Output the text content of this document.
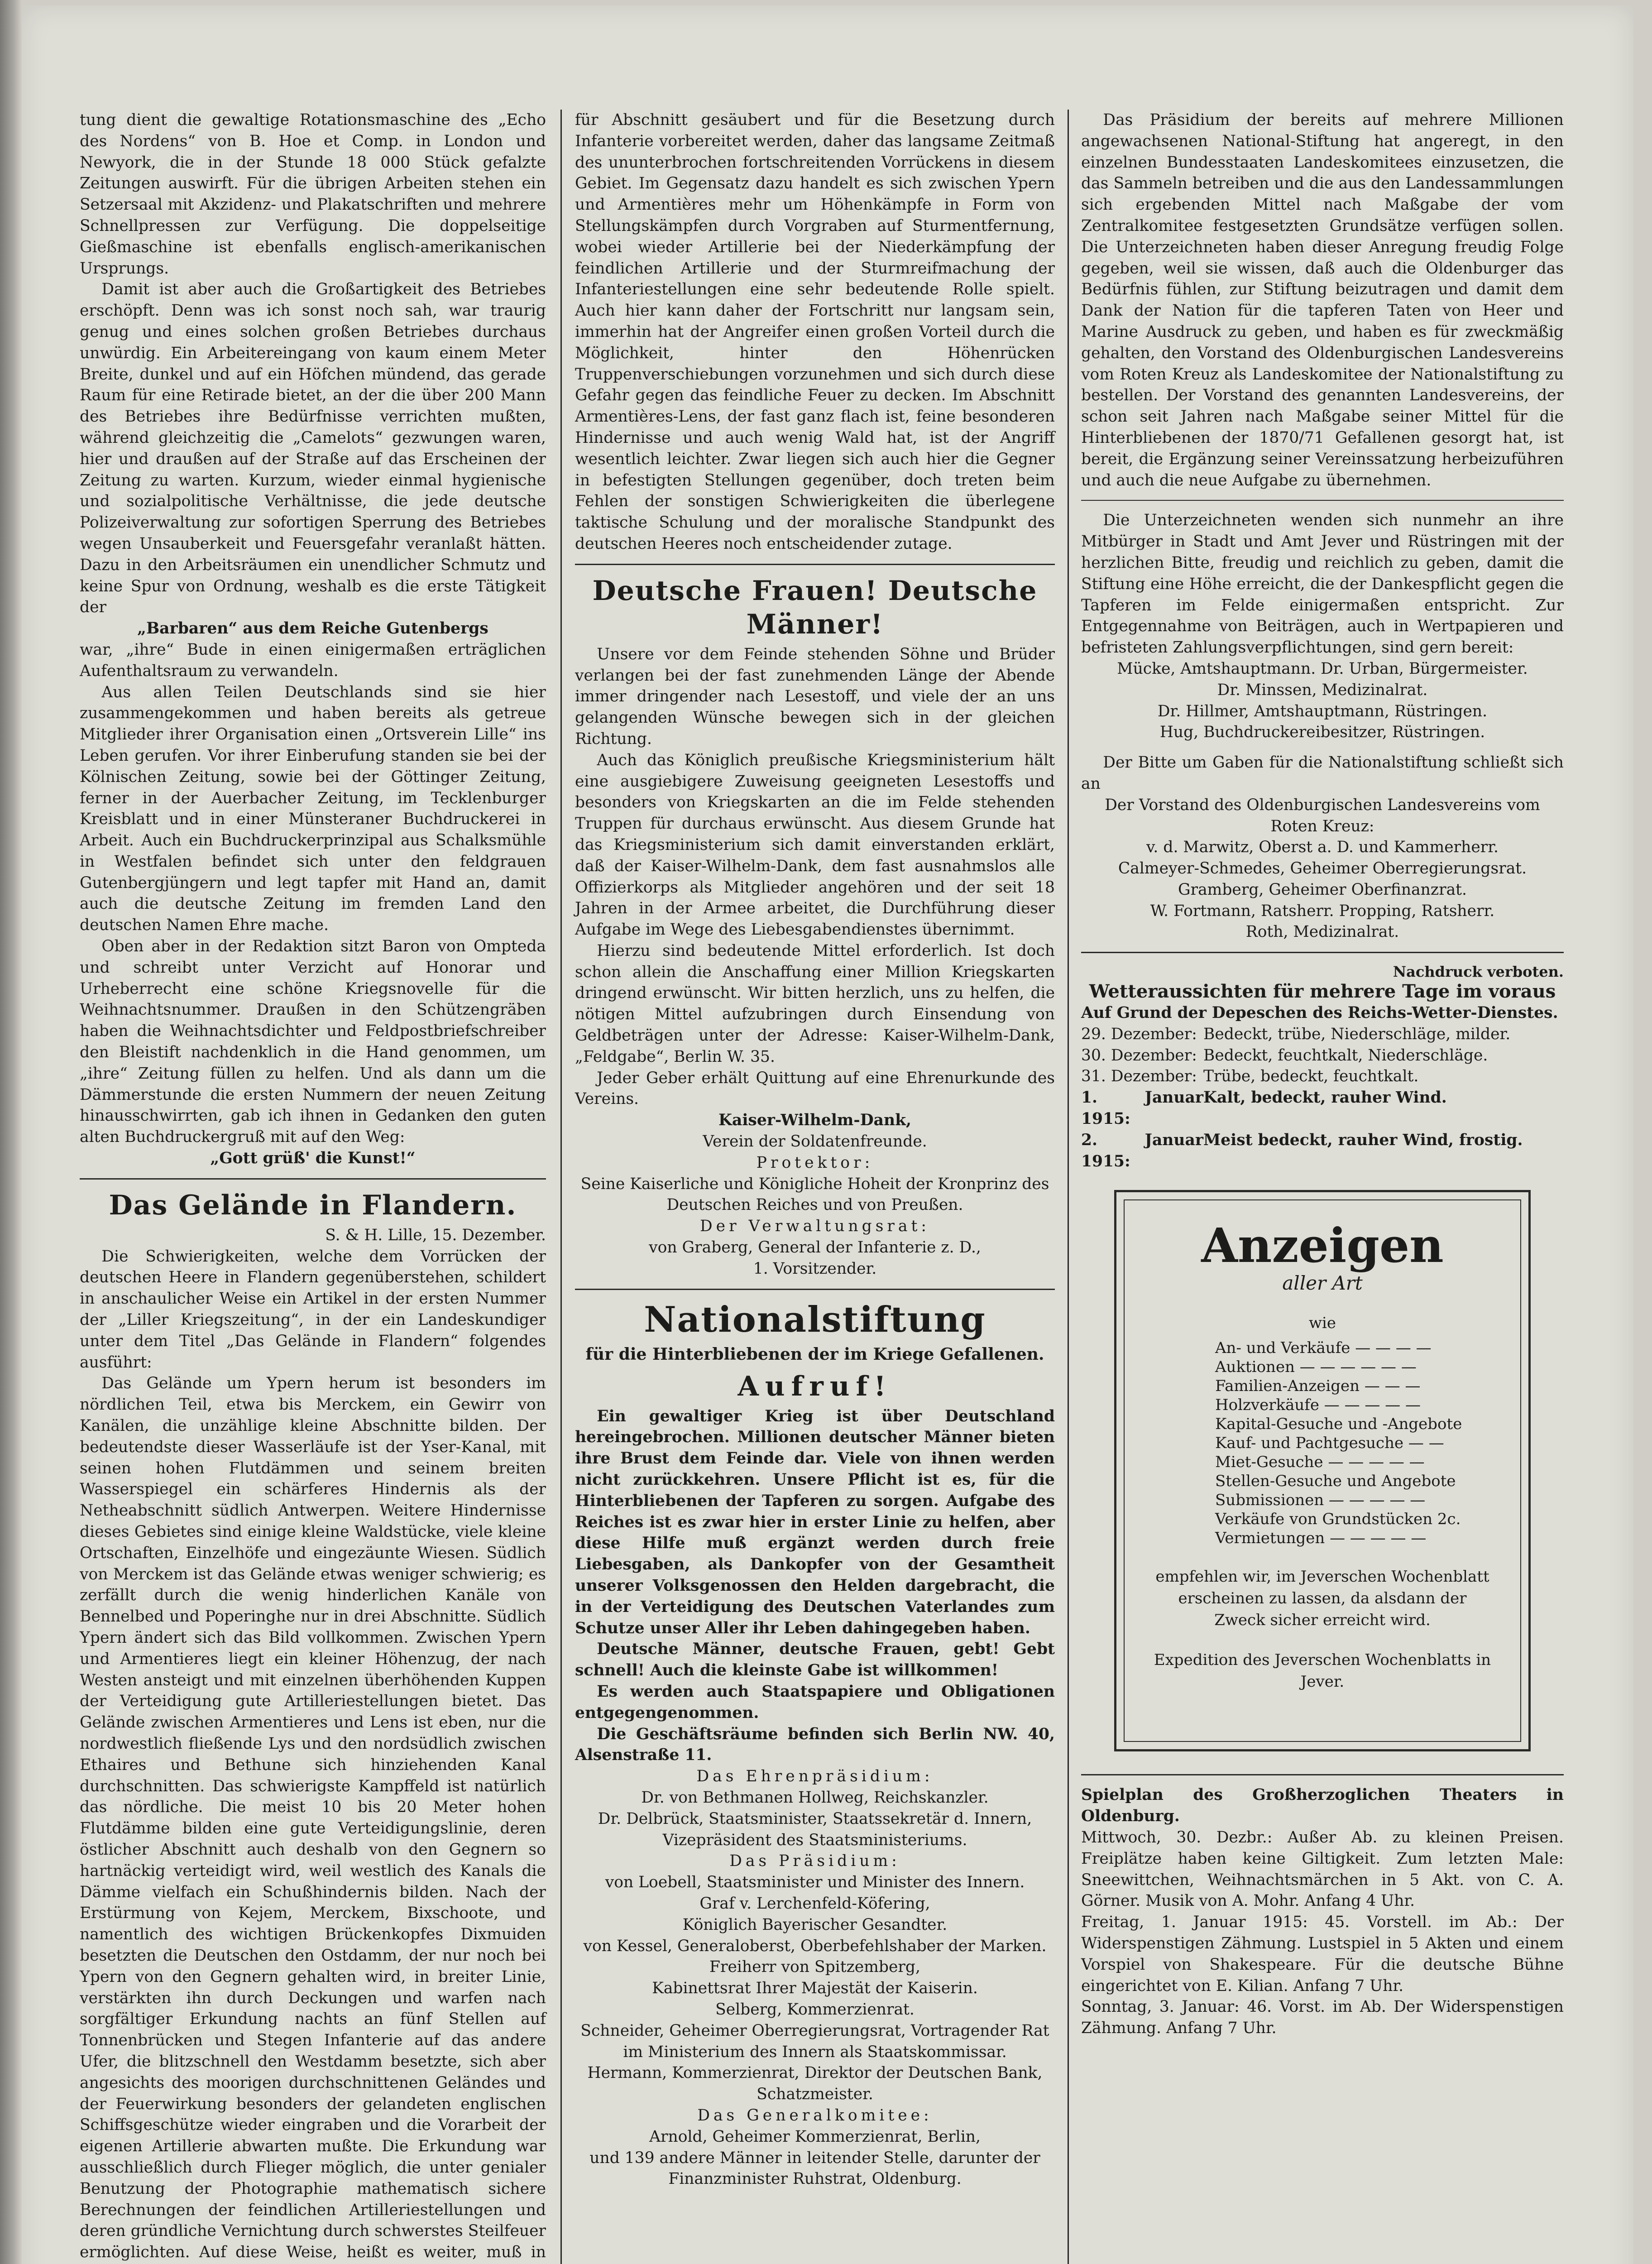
tung dient die gewaltige Rotationsmaschine des „Echo des Nordens“ von B. Hoe et Comp. in London und Newyork, die in der Stunde 18 000 Stück gefalzte Zeitungen auswirft. Für die übrigen Arbeiten stehen ein Setzersaal mit Akzidenz- und Plakatschriften und mehrere Schnellpressen zur Verfügung. Die doppelseitige Gießmaschine ist ebenfalls englisch-amerikanischen Ursprungs.

Damit ist aber auch die Großartigkeit des Betriebes erschöpft. Denn was ich sonst noch sah, war traurig genug und eines solchen großen Betriebes durchaus unwürdig. Ein Arbeitereingang von kaum einem Meter Breite, dunkel und auf ein Höfchen mündend, das gerade Raum für eine Retirade bietet, an der die über 200 Mann des Betriebes ihre Bedürfnisse verrichten mußten, während gleichzeitig die „Camelots“ gezwungen waren, hier und draußen auf der Straße auf das Erscheinen der Zeitung zu warten. Kurzum, wieder einmal hygienische und sozialpolitische Verhältnisse, die jede deutsche Polizeiverwaltung zur sofortigen Sperrung des Betriebes wegen Unsauberkeit und Feuersgefahr veranlaßt hätten. Dazu in den Arbeitsräumen ein unendlicher Schmutz und keine Spur von Ordnung, weshalb es die erste Tätigkeit der

„Barbaren“ aus dem Reiche Gutenbergs

war, „ihre“ Bude in einen einigermaßen erträglichen Aufenthaltsraum zu verwandeln.

Aus allen Teilen Deutschlands sind sie hier zusammengekommen und haben bereits als getreue Mitglieder ihrer Organisation einen „Ortsverein Lille“ ins Leben gerufen. Vor ihrer Einberufung standen sie bei der Kölnischen Zeitung, sowie bei der Göttinger Zeitung, ferner in der Auerbacher Zeitung, im Tecklenburger Kreisblatt und in einer Münsteraner Buchdruckerei in Arbeit. Auch ein Buchdruckerprinzipal aus Schalksmühle in Westfalen befindet sich unter den feldgrauen Gutenbergjüngern und legt tapfer mit Hand an, damit auch die deutsche Zeitung im fremden Land den deutschen Namen Ehre mache.

Oben aber in der Redaktion sitzt Baron von Ompteda und schreibt unter Verzicht auf Honorar und Urheberrecht eine schöne Kriegsnovelle für die Weihnachtsnummer. Draußen in den Schützengräben haben die Weihnachtsdichter und Feldpostbriefschreiber den Bleistift nachdenklich in die Hand genommen, um „ihre“ Zeitung füllen zu helfen. Und als dann um die Dämmerstunde die ersten Nummern der neuen Zeitung hinausschwirrten, gab ich ihnen in Gedanken den guten alten Buchdruckergruß mit auf den Weg:

„Gott grüß' die Kunst!“

Das Gelände in Flandern.

S. & H. Lille, 15. Dezember.

Die Schwierigkeiten, welche dem Vorrücken der deutschen Heere in Flandern gegenüberstehen, schildert in anschaulicher Weise ein Artikel in der ersten Nummer der „Liller Kriegszeitung“, in der ein Landeskundiger unter dem Titel „Das Gelände in Flandern“ folgendes ausführt:

Das Gelände um Ypern herum ist besonders im nördlichen Teil, etwa bis Merckem, ein Gewirr von Kanälen, die unzählige kleine Abschnitte bilden. Der bedeutendste dieser Wasserläufe ist der Yser-Kanal, mit seinen hohen Flutdämmen und seinem breiten Wasserspiegel ein schärferes Hindernis als der Netheabschnitt südlich Antwerpen. Weitere Hindernisse dieses Gebietes sind einige kleine Waldstücke, viele kleine Ortschaften, Einzelhöfe und eingezäunte Wiesen. Südlich von Merckem ist das Gelände etwas weniger schwierig; es zerfällt durch die wenig hinderlichen Kanäle von Bennelbed und Poperinghe nur in drei Abschnitte. Südlich Ypern ändert sich das Bild vollkommen. Zwischen Ypern und Armentieres liegt ein kleiner Höhenzug, der nach Westen ansteigt und mit einzelnen überhöhenden Kuppen der Verteidigung gute Artilleriestellungen bietet. Das Gelände zwischen Armentieres und Lens ist eben, nur die nordwestlich fließende Lys und den nordsüdlich zwischen Ethaires und Bethune sich hinziehenden Kanal durchschnitten. Das schwierigste Kampffeld ist natürlich das nördliche. Die meist 10 bis 20 Meter hohen Flutdämme bilden eine gute Verteidigungslinie, deren östlicher Abschnitt auch deshalb von den Gegnern so hartnäckig verteidigt wird, weil westlich des Kanals die Dämme vielfach ein Schußhindernis bilden. Nach der Erstürmung von Kejem, Merckem, Bixschoote, und namentlich des wichtigen Brückenkopfes Dixmuiden besetzten die Deutschen den Ostdamm, der nur noch bei Ypern von den Gegnern gehalten wird, in breiter Linie, verstärkten ihn durch Deckungen und warfen nach sorgfältiger Erkundung nachts an fünf Stellen auf Tonnenbrücken und Stegen Infanterie auf das andere Ufer, die blitzschnell den Westdamm besetzte, sich aber angesichts des moorigen durchschnittenen Geländes und der Feuerwirkung besonders der gelandeten englischen Schiffsgeschütze wieder eingraben und die Vorarbeit der eigenen Artillerie abwarten mußte. Die Erkundung war ausschließlich durch Flieger möglich, die unter genialer Benutzung der Photographie mathematisch sichere Berechnungen der feindlichen Artilleriestellungen und deren gründliche Vernichtung durch schwerstes Steilfeuer ermöglichten. Auf diese Weise, heißt es weiter, muß in

für Abschnitt gesäubert und für die Besetzung durch Infanterie vorbereitet werden, daher das langsame Zeitmaß des ununterbrochen fortschreitenden Vorrückens in diesem Gebiet. Im Gegensatz dazu handelt es sich zwischen Ypern und Armentières mehr um Höhenkämpfe in Form von Stellungskämpfen durch Vorgraben auf Sturmentfernung, wobei wieder Artillerie bei der Niederkämpfung der feindlichen Artillerie und der Sturmreifmachung der Infanteriestellungen eine sehr bedeutende Rolle spielt. Auch hier kann daher der Fortschritt nur langsam sein, immerhin hat der Angreifer einen großen Vorteil durch die Möglichkeit, hinter den Höhenrücken Truppenverschiebungen vorzunehmen und sich durch diese Gefahr gegen das feindliche Feuer zu decken. Im Abschnitt Armentières-Lens, der fast ganz flach ist, feine besonderen Hindernisse und auch wenig Wald hat, ist der Angriff wesentlich leichter. Zwar liegen sich auch hier die Gegner in befestigten Stellungen gegenüber, doch treten beim Fehlen der sonstigen Schwierigkeiten die überlegene taktische Schulung und der moralische Standpunkt des deutschen Heeres noch entscheidender zutage.

Deutsche Frauen! Deutsche Männer!

Unsere vor dem Feinde stehenden Söhne und Brüder verlangen bei der fast zunehmenden Länge der Abende immer dringender nach Lesestoff, und viele der an uns gelangenden Wünsche bewegen sich in der gleichen Richtung.

Auch das Königlich preußische Kriegsministerium hält eine ausgiebigere Zuweisung geeigneten Lesestoffs und besonders von Kriegskarten an die im Felde stehenden Truppen für durchaus erwünscht. Aus diesem Grunde hat das Kriegsministerium sich damit einverstanden erklärt, daß der Kaiser-Wilhelm-Dank, dem fast ausnahmslos alle Offizierkorps als Mitglieder angehören und der seit 18 Jahren in der Armee arbeitet, die Durchführung dieser Aufgabe im Wege des Liebesgabendienstes übernimmt.

Hierzu sind bedeutende Mittel erforderlich. Ist doch schon allein die Anschaffung einer Million Kriegskarten dringend erwünscht. Wir bitten herzlich, uns zu helfen, die nötigen Mittel aufzubringen durch Einsendung von Geldbeträgen unter der Adresse: Kaiser-Wilhelm-Dank, „Feldgabe“, Berlin W. 35.

Jeder Geber erhält Quittung auf eine Ehrenurkunde des Vereins.

Kaiser-Wilhelm-Dank,

Verein der Soldatenfreunde.

Protektor:

Seine Kaiserliche und Königliche Hoheit der Kronprinz des Deutschen Reiches und von Preußen.

Der Verwaltungsrat:

von Graberg, General der Infanterie z. D.,

1. Vorsitzender.

Nationalstiftung
für die Hinterbliebenen der im Kriege Gefallenen.
Aufruf!

Ein gewaltiger Krieg ist über Deutschland hereingebrochen. Millionen deutscher Männer bieten ihre Brust dem Feinde dar. Viele von ihnen werden nicht zurückkehren. Unsere Pflicht ist es, für die Hinterbliebenen der Tapferen zu sorgen. Aufgabe des Reiches ist es zwar hier in erster Linie zu helfen, aber diese Hilfe muß ergänzt werden durch freie Liebesgaben, als Dankopfer von der Gesamtheit unserer Volksgenossen den Helden dargebracht, die in der Verteidigung des Deutschen Vaterlandes zum Schutze unser Aller ihr Leben dahingegeben haben.

Deutsche Männer, deutsche Frauen, gebt! Gebt schnell! Auch die kleinste Gabe ist willkommen!

Es werden auch Staatspapiere und Obligationen entgegengenommen.

Die Geschäftsräume befinden sich Berlin NW. 40, Alsenstraße 11.

Das Ehrenpräsidium:

Dr. von Bethmanen Hollweg, Reichskanzler.

Dr. Delbrück, Staatsminister, Staatssekretär d. Innern, Vizepräsident des Staatsministeriums.

Das Präsidium:

von Loebell, Staatsminister und Minister des Innern.

Graf v. Lerchenfeld-Köfering,

Königlich Bayerischer Gesandter.

von Kessel, Generaloberst, Oberbefehlshaber der Marken.

Freiherr von Spitzemberg,

Kabinettsrat Ihrer Majestät der Kaiserin.

Selberg, Kommerzienrat.

Schneider, Geheimer Oberregierungsrat, Vortragender Rat im Ministerium des Innern als Staatskommissar.

Hermann, Kommerzienrat, Direktor der Deutschen Bank, Schatzmeister.

Das Generalkomitee:

Arnold, Geheimer Kommerzienrat, Berlin,

und 139 andere Männer in leitender Stelle, darunter der Finanzminister Ruhstrat, Oldenburg.

Das Präsidium der bereits auf mehrere Millionen angewachsenen National-Stiftung hat angeregt, in den einzelnen Bundesstaaten Landeskomitees einzusetzen, die das Sammeln betreiben und die aus den Landessammlungen sich ergebenden Mittel nach Maßgabe der vom Zentralkomitee festgesetzten Grundsätze verfügen sollen. Die Unterzeichneten haben dieser Anregung freudig Folge gegeben, weil sie wissen, daß auch die Oldenburger das Bedürfnis fühlen, zur Stiftung beizutragen und damit dem Dank der Nation für die tapferen Taten von Heer und Marine Ausdruck zu geben, und haben es für zweckmäßig gehalten, den Vorstand des Oldenburgischen Landesvereins vom Roten Kreuz als Landeskomitee der Nationalstiftung zu bestellen. Der Vorstand des genannten Landesvereins, der schon seit Jahren nach Maßgabe seiner Mittel für die Hinterbliebenen der 1870/71 Gefallenen gesorgt hat, ist bereit, die Ergänzung seiner Vereinssatzung herbeizuführen und auch die neue Aufgabe zu übernehmen.

Die Unterzeichneten wenden sich nunmehr an ihre Mitbürger in Stadt und Amt Jever und Rüstringen mit der herzlichen Bitte, freudig und reichlich zu geben, damit die Stiftung eine Höhe erreicht, die der Dankespflicht gegen die Tapferen im Felde einigermaßen entspricht. Zur Entgegennahme von Beiträgen, auch in Wertpapieren und befristeten Zahlungsverpflichtungen, sind gern bereit:

Mücke, Amtshauptmann. Dr. Urban, Bürgermeister.

Dr. Minssen, Medizinalrat.

Dr. Hillmer, Amtshauptmann, Rüstringen.

Hug, Buchdruckereibesitzer, Rüstringen.

Der Bitte um Gaben für die Nationalstiftung schließt sich an

Der Vorstand des Oldenburgischen Landesvereins vom Roten Kreuz:

v. d. Marwitz, Oberst a. D. und Kammerherr.

Calmeyer-Schmedes, Geheimer Oberregierungsrat.

Gramberg, Geheimer Oberfinanzrat.

W. Fortmann, Ratsherr. Propping, Ratsherr.

Roth, Medizinalrat.

Nachdruck verboten.

Wetteraussichten für mehrere Tage im voraus

Auf Grund der Depeschen des Reichs-Wetter-Dienstes.

29. Dezember: Bedeckt, trübe, Niederschläge, milder.
30. Dezember: Bedeckt, feuchtkalt, Niederschläge.
31. Dezember: Trübe, bedeckt, feuchtkalt.
1. Januar 1915:
Kalt, bedeckt, rauher Wind.
2. Januar 1915:
Meist bedeckt, rauher Wind, frostig.
Anzeigen
aller Art
wie
An- und Verkäufe — — — —
Auktionen — — — — — —
Familien-Anzeigen — — —
Holzverkäufe — — — — —
Kapital-Gesuche und -Angebote
Kauf- und Pachtgesuche — —
Miet-Gesuche — — — — —
Stellen-Gesuche und Angebote
Submissionen — — — — —
Verkäufe von Grundstücken 2c.
Vermietungen — — — — —
empfehlen wir, im Jeverschen Wochenblatt erscheinen zu lassen, da alsdann der Zweck sicher erreicht wird.
Expedition des Jeverschen Wochenblatts in Jever.

Spielplan des Großherzoglichen Theaters in Oldenburg.

Mittwoch, 30. Dezbr.: Außer Ab. zu kleinen Preisen. Freiplätze haben keine Giltigkeit. Zum letzten Male: Sneewittchen, Weihnachtsmärchen in 5 Akt. von C. A. Görner. Musik von A. Mohr. Anfang 4 Uhr.

Freitag, 1. Januar 1915: 45. Vorstell. im Ab.: Der Widerspenstigen Zähmung. Lustspiel in 5 Akten und einem Vorspiel von Shakespeare. Für die deutsche Bühne eingerichtet von E. Kilian. Anfang 7 Uhr.

Sonntag, 3. Januar: 46. Vorst. im Ab. Der Widerspenstigen Zähmung. Anfang 7 Uhr.
